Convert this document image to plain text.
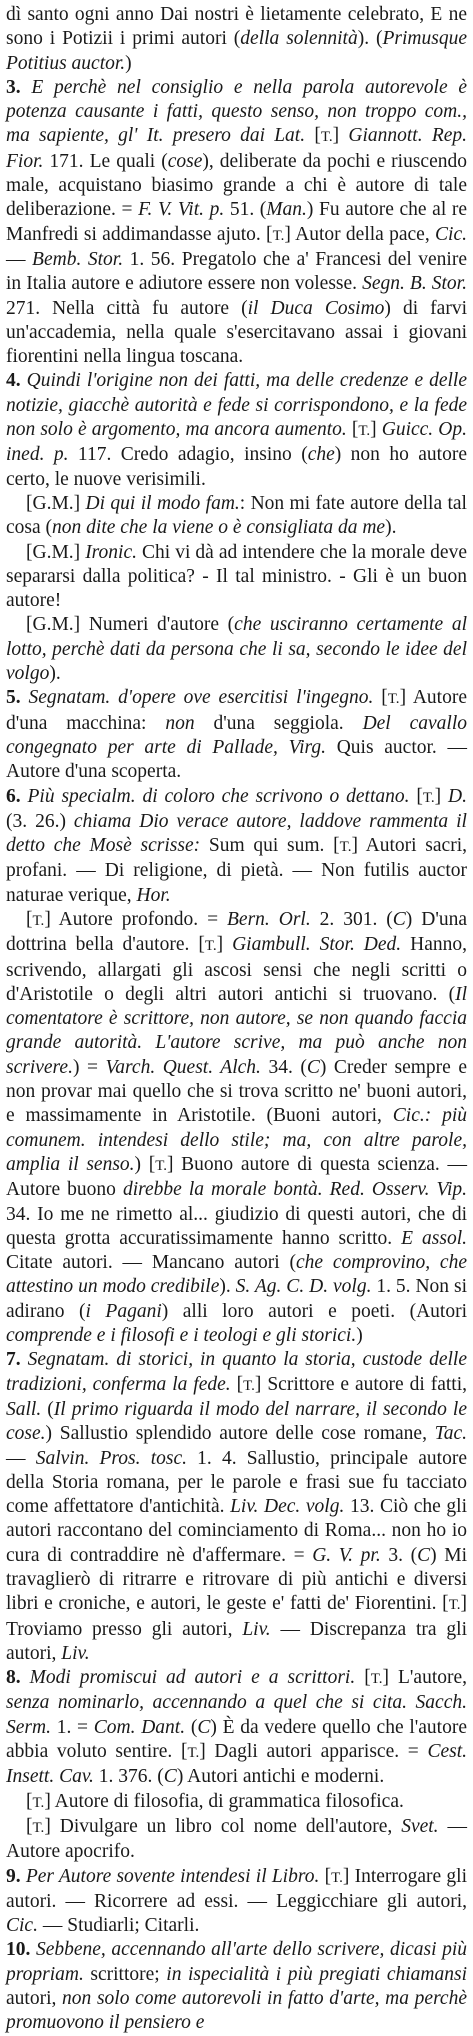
dì santo ogni anno Dai nostri è lietamente celebrato, E ne sono i Potizii i primi autori (della solennità). (Primusque Potitius auctor.)

3. E perchè nel consiglio e nella parola autorevole è potenza causante i fatti, questo senso, non troppo com., ma sapiente, gl' It. presero dai Lat. [T.] Giannott. Rep. Fior. 171. Le quali (cose), deliberate da pochi e riuscendo male, acquistano biasimo grande a chi è autore di tale deliberazione. = F. V. Vit. p. 51. (Man.) Fu autore che al re Manfredi si addimandasse ajuto. [T.] Autor della pace, Cic. — Bemb. Stor. 1. 56. Pregatolo che a' Francesi del venire in Italia autore e adiutore essere non volesse. Segn. B. Stor. 271. Nella città fu autore (il Duca Cosimo) di farvi un'accademia, nella quale s'esercitavano assai i giovani fiorentini nella lingua toscana.

4. Quindi l'origine non dei fatti, ma delle credenze e delle notizie, giacchè autorità e fede si corrispondono, e la fede non solo è argomento, ma ancora aumento. [T.] Guicc. Op. ined. p. 117. Credo adagio, insino (che) non ho autore certo, le nuove verisimili.

[G.M.] Di qui il modo fam.: Non mi fate autore della tal cosa (non dite che la viene o è consigliata da me).

[G.M.] Ironic. Chi vi dà ad intendere che la morale deve separarsi dalla politica? - Il tal ministro. - Gli è un buon autore!

[G.M.] Numeri d'autore (che usciranno certamente al lotto, perchè dati da persona che li sa, secondo le idee del volgo).

5. Segnatam. d'opere ove esercitisi l'ingegno. [T.] Autore d'una macchina: non d'una seggiola. Del cavallo congegnato per arte di Pallade, Virg. Quis auctor. — Autore d'una scoperta.

6. Più specialm. di coloro che scrivono o dettano. [T.] D. (3. 26.) chiama Dio verace autore, laddove rammenta il detto che Mosè scrisse: Sum qui sum. [T.] Autori sacri, profani. — Di religione, di pietà. — Non futilis auctor naturae verique, Hor.

[T.] Autore profondo. = Bern. Orl. 2. 301. (C) D'una dottrina bella d'autore. [T.] Giambull. Stor. Ded. Hanno, scrivendo, allargati gli ascosi sensi che negli scritti o d'Aristotile o degli altri autori antichi si truovano. (Il comentatore è scrittore, non autore, se non quando faccia grande autorità. L'autore scrive, ma può anche non scrivere.) = Varch. Quest. Alch. 34. (C) Creder sempre e non provar mai quello che si trova scritto ne' buoni autori, e massimamente in Aristotile. (Buoni autori, Cic.: più comunem. intendesi dello stile; ma, con altre parole, amplia il senso.) [T.] Buono autore di questa scienza. — Autore buono direbbe la morale bontà. Red. Osserv. Vip. 34. Io me ne rimetto al... giudizio di questi autori, che di questa grotta accuratissimamente hanno scritto. E assol. Citate autori. — Mancano autori (che comprovino, che attestino un modo credibile). S. Ag. C. D. volg. 1. 5. Non si adirano (i Pagani) alli loro autori e poeti. (Autori comprende e i filosofi e i teologi e gli storici.)

7. Segnatam. di storici, in quanto la storia, custode delle tradizioni, conferma la fede. [T.] Scrittore e autore di fatti, Sall. (Il primo riguarda il modo del narrare, il secondo le cose.) Sallustio splendido autore delle cose romane, Tac. — Salvin. Pros. tosc. 1. 4. Sallustio, principale autore della Storia romana, per le parole e frasi sue fu tacciato come affettatore d'antichità. Liv. Dec. volg. 13. Ciò che gli autori raccontano del cominciamento di Roma... non ho io cura di contraddire nè d'affermare. = G. V. pr. 3. (C) Mi travaglierò di ritrarre e ritrovare di più antichi e diversi libri e croniche, e autori, le geste e' fatti de' Fiorentini. [T.] Troviamo presso gli autori, Liv. — Discrepanza tra gli autori, Liv.

8. Modi promiscui ad autori e a scrittori. [T.] L'autore, senza nominarlo, accennando a quel che si cita. Sacch. Serm. 1. = Com. Dant. (C) È da vedere quello che l'autore abbia voluto sentire. [T.] Dagli autori apparisce. = Cest. Insett. Cav. 1. 376. (C) Autori antichi e moderni.

[T.] Autore di filosofia, di grammatica filosofica.

[T.] Divulgare un libro col nome dell'autore, Svet. — Autore apocrifo.

9. Per Autore sovente intendesi il Libro. [T.] Interrogare gli autori. — Ricorrere ad essi. — Leggicchiare gli autori, Cic. — Studiarli; Citarli.

10. Sebbene, accennando all'arte dello scrivere, dicasi più propriam. scrittore; in ispecialità i più pregiati chiamansi autori, non solo come autorevoli in fatto d'arte, ma perchè promuovono il pensiero e
